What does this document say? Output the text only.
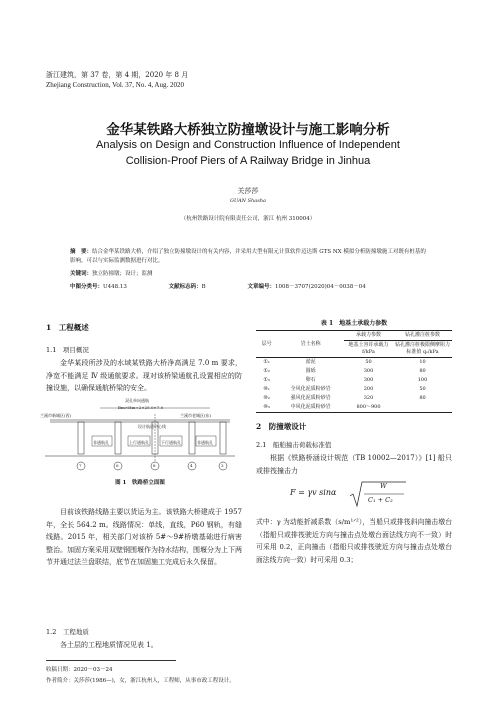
浙江建筑，第 37 卷，第 4 期，2020 年 8 月
Zhejiang Construction, Vol. 37, No. 4, Aug. 2020
金华某铁路大桥独立防撞墩设计与施工影响分析
Analysis on Design and Construction Influence of Independent
Collision-Proof Piers of A Railway Bridge in Jinhua
关莎莎
GUAN Shasha
（杭州铁路设计院有限责任公司，浙江 杭州 310004）
摘　要：结合金华某铁路大桥，介绍了独立防撞墩设计的有关内容，并采用大型有限元计算软件迈达斯 GTS NX 模拟分析防撞墩施工对既有桩基的影响，可以与实际监测数据进行对比。
关键词：独立防撞墩；设计；监测
中图分类号：U448.13	文献标志码：B	文章编号：1008－3707(2020)04－0038－04
1　工程概述
1.1　项目概况
金华某段所涉及的水域某铁路大桥净高满足 7.0 m 要求，净宽不能满足 Ⅳ 级通航要求。现对该桥梁通航孔设置相应的防撞设施，以确保通航桥梁的安全。
双孔单向通航
Bm×Hm=2×25.0×7.0
兰溪市新城区(西)	兰溪市老城区(东)
设计航道中心线
非通航孔	上行通航孔	下行通航孔	非通航孔
7	6	8	4	3
图 1　铁路桥立面图
目前该铁路线路主要以货运为主。该铁路大桥建成于 1957 年，全长 564.2 m。线路情况：单线，直线，P60 钢轨，有缝线路。2015 年，相关部门对该桥 5#～9#桥墩基础进行病害整治。加固方案采用双壁钢围堰作为持水结构，围堰分为上下两节并通过法兰盘联结，底节在加固施工完成后永久保留。
1.2　工程地质
各土层的工程地质情况见表 1。
表 1　地基土承载力参数
层号	岩土名称	承载力参数	钻孔灌注桩参数
		地基土容许承载力 f/kPa	钻孔灌注桩极限侧摩阻力标准值 qₛ/kPa
①₁	淤泥	50	10
①₂	圆砾	300	80
①₃	卵石	300	100
⑩₁	全风化泥质粉砂岩	200	50
⑩₂	强风化泥质粉砂岩	320	80
⑩₃	中风化泥质粉砂岩	800～900	
2　防撞墩设计
2.1　船舶撞击荷载标准值
根据《铁路桥涵设计规范（TB 10002—2017）》[1] 船只或排筏撞击力
F = γv sinα
W
C₁ + C₂
式中：γ 为动能折减系数（s/m¹ᐟ²），当船只或排筏斜向撞击墩台（指船只或排筏驶近方向与撞击点处墩台面法线方向不一致）时可采用 0.2，正向撞击（指船只或排筏驶近方向与撞击点处墩台面法线方向一致）时可采用 0.3；
收稿日期：2020－03－24
作者简介：关莎莎(1986—)，女，浙江杭州人，工程师，从事市政工程设计。
